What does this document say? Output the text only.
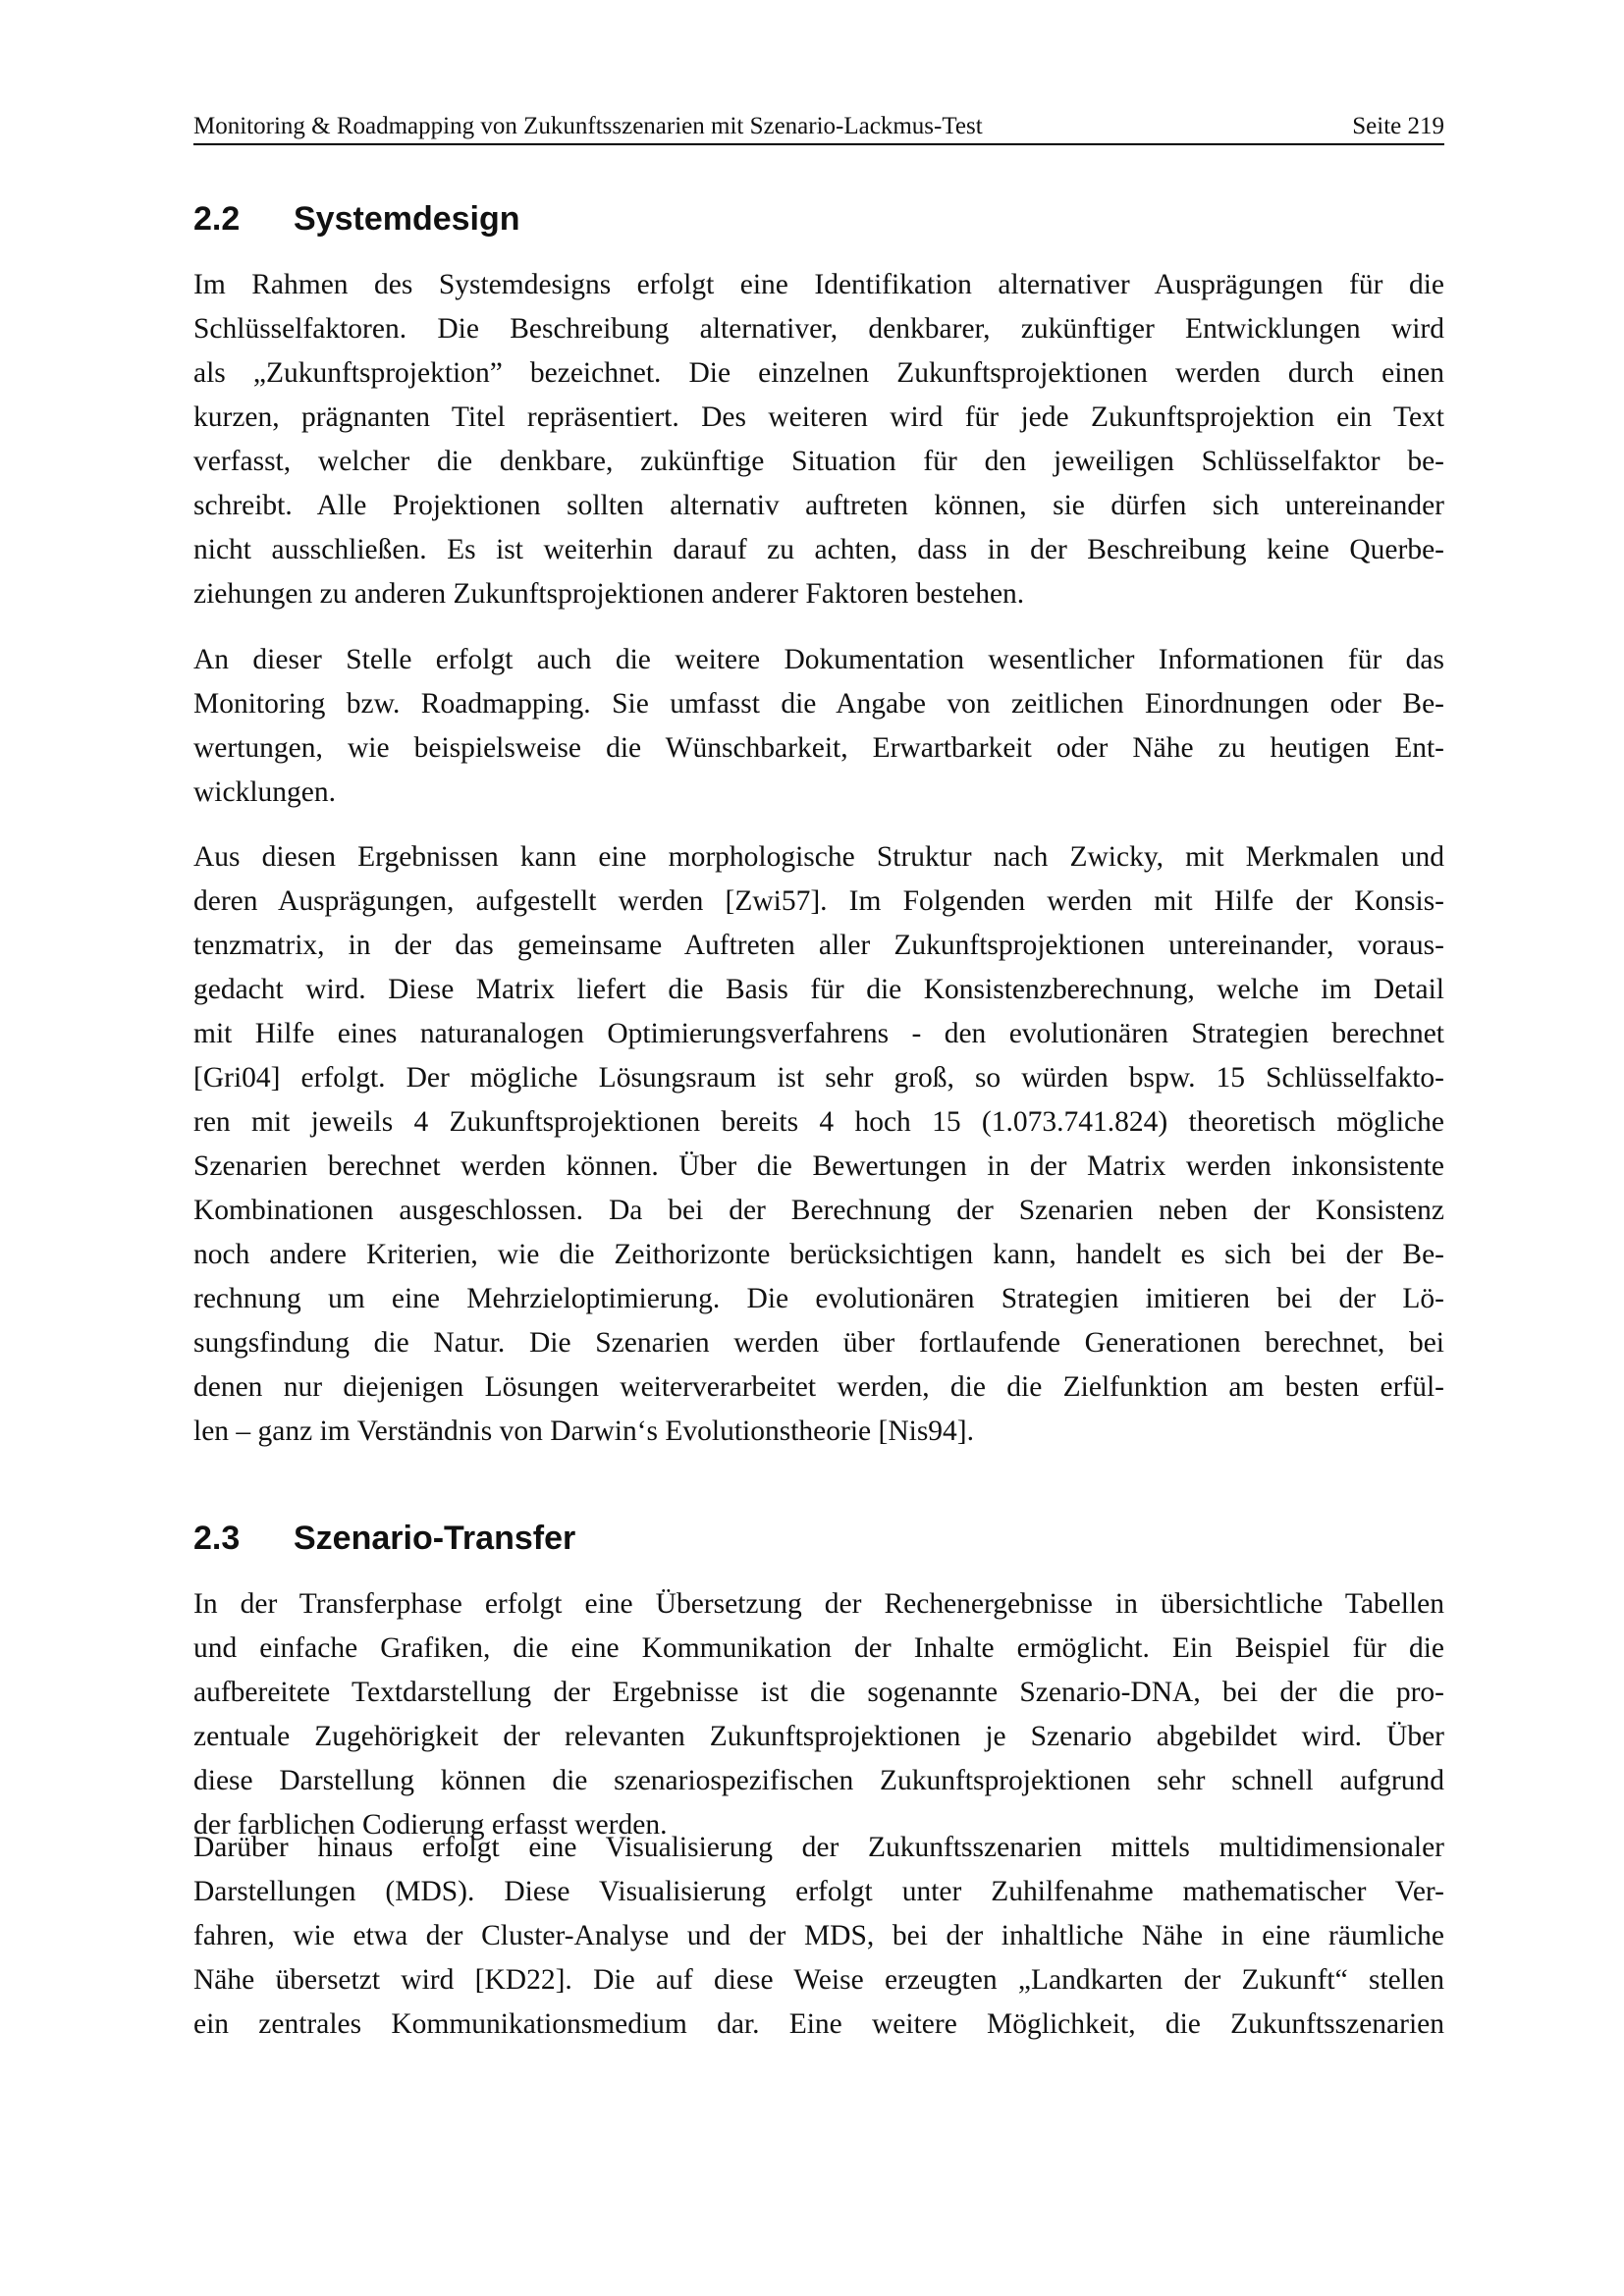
Monitoring & Roadmapping von Zukunftsszenarien mit Szenario-Lackmus-Test	Seite 219
2.2 Systemdesign
2.3 Szenario-Transfer
Im Rahmen des Systemdesigns erfolgt eine Identifikation alternativer Ausprägungen für die
Schlüsselfaktoren. Die Beschreibung alternativer, denkbarer, zukünftiger Entwicklungen wird
als „Zukunftsprojektion” bezeichnet. Die einzelnen Zukunftsprojektionen werden durch einen
kurzen, prägnanten Titel repräsentiert. Des weiteren wird für jede Zukunftsprojektion ein Text
verfasst, welcher die denkbare, zukünftige Situation für den jeweiligen Schlüsselfaktor be-
schreibt. Alle Projektionen sollten alternativ auftreten können, sie dürfen sich untereinander
nicht ausschließen. Es ist weiterhin darauf zu achten, dass in der Beschreibung keine Querbe-
ziehungen zu anderen Zukunftsprojektionen anderer Faktoren bestehen.
An dieser Stelle erfolgt auch die weitere Dokumentation wesentlicher Informationen für das
Monitoring bzw. Roadmapping. Sie umfasst die Angabe von zeitlichen Einordnungen oder Be-
wertungen, wie beispielsweise die Wünschbarkeit, Erwartbarkeit oder Nähe zu heutigen Ent-
wicklungen.
Aus diesen Ergebnissen kann eine morphologische Struktur nach Zwicky, mit Merkmalen und
deren Ausprägungen, aufgestellt werden [Zwi57]. Im Folgenden werden mit Hilfe der Konsis-
tenzmatrix, in der das gemeinsame Auftreten aller Zukunftsprojektionen untereinander, voraus-
gedacht wird. Diese Matrix liefert die Basis für die Konsistenzberechnung, welche im Detail
mit Hilfe eines naturanalogen Optimierungsverfahrens - den evolutionären Strategien berechnet
[Gri04] erfolgt. Der mögliche Lösungsraum ist sehr groß, so würden bspw. 15 Schlüsselfakto-
ren mit jeweils 4 Zukunftsprojektionen bereits 4 hoch 15 (1.073.741.824) theoretisch mögliche
Szenarien berechnet werden können. Über die Bewertungen in der Matrix werden inkonsistente
Kombinationen ausgeschlossen. Da bei der Berechnung der Szenarien neben der Konsistenz
noch andere Kriterien, wie die Zeithorizonte berücksichtigen kann, handelt es sich bei der Be-
rechnung um eine Mehrzieloptimierung. Die evolutionären Strategien imitieren bei der Lö-
sungsfindung die Natur. Die Szenarien werden über fortlaufende Generationen berechnet, bei
denen nur diejenigen Lösungen weiterverarbeitet werden, die die Zielfunktion am besten erfül-
len – ganz im Verständnis von Darwin‘s Evolutionstheorie [Nis94].
In der Transferphase erfolgt eine Übersetzung der Rechenergebnisse in übersichtliche Tabellen
und einfache Grafiken, die eine Kommunikation der Inhalte ermöglicht. Ein Beispiel für die
aufbereitete Textdarstellung der Ergebnisse ist die sogenannte Szenario-DNA, bei der die pro-
zentuale Zugehörigkeit der relevanten Zukunftsprojektionen je Szenario abgebildet wird. Über
diese Darstellung können die szenariospezifischen Zukunftsprojektionen sehr schnell aufgrund
der farblichen Codierung erfasst werden.
Darüber hinaus erfolgt eine Visualisierung der Zukunftsszenarien mittels multidimensionaler
Darstellungen (MDS). Diese Visualisierung erfolgt unter Zuhilfenahme mathematischer Ver-
fahren, wie etwa der Cluster-Analyse und der MDS, bei der inhaltliche Nähe in eine räumliche
Nähe übersetzt wird [KD22]. Die auf diese Weise erzeugten „Landkarten der Zukunft“ stellen
ein zentrales Kommunikationsmedium dar. Eine weitere Möglichkeit, die Zukunftsszenarien
